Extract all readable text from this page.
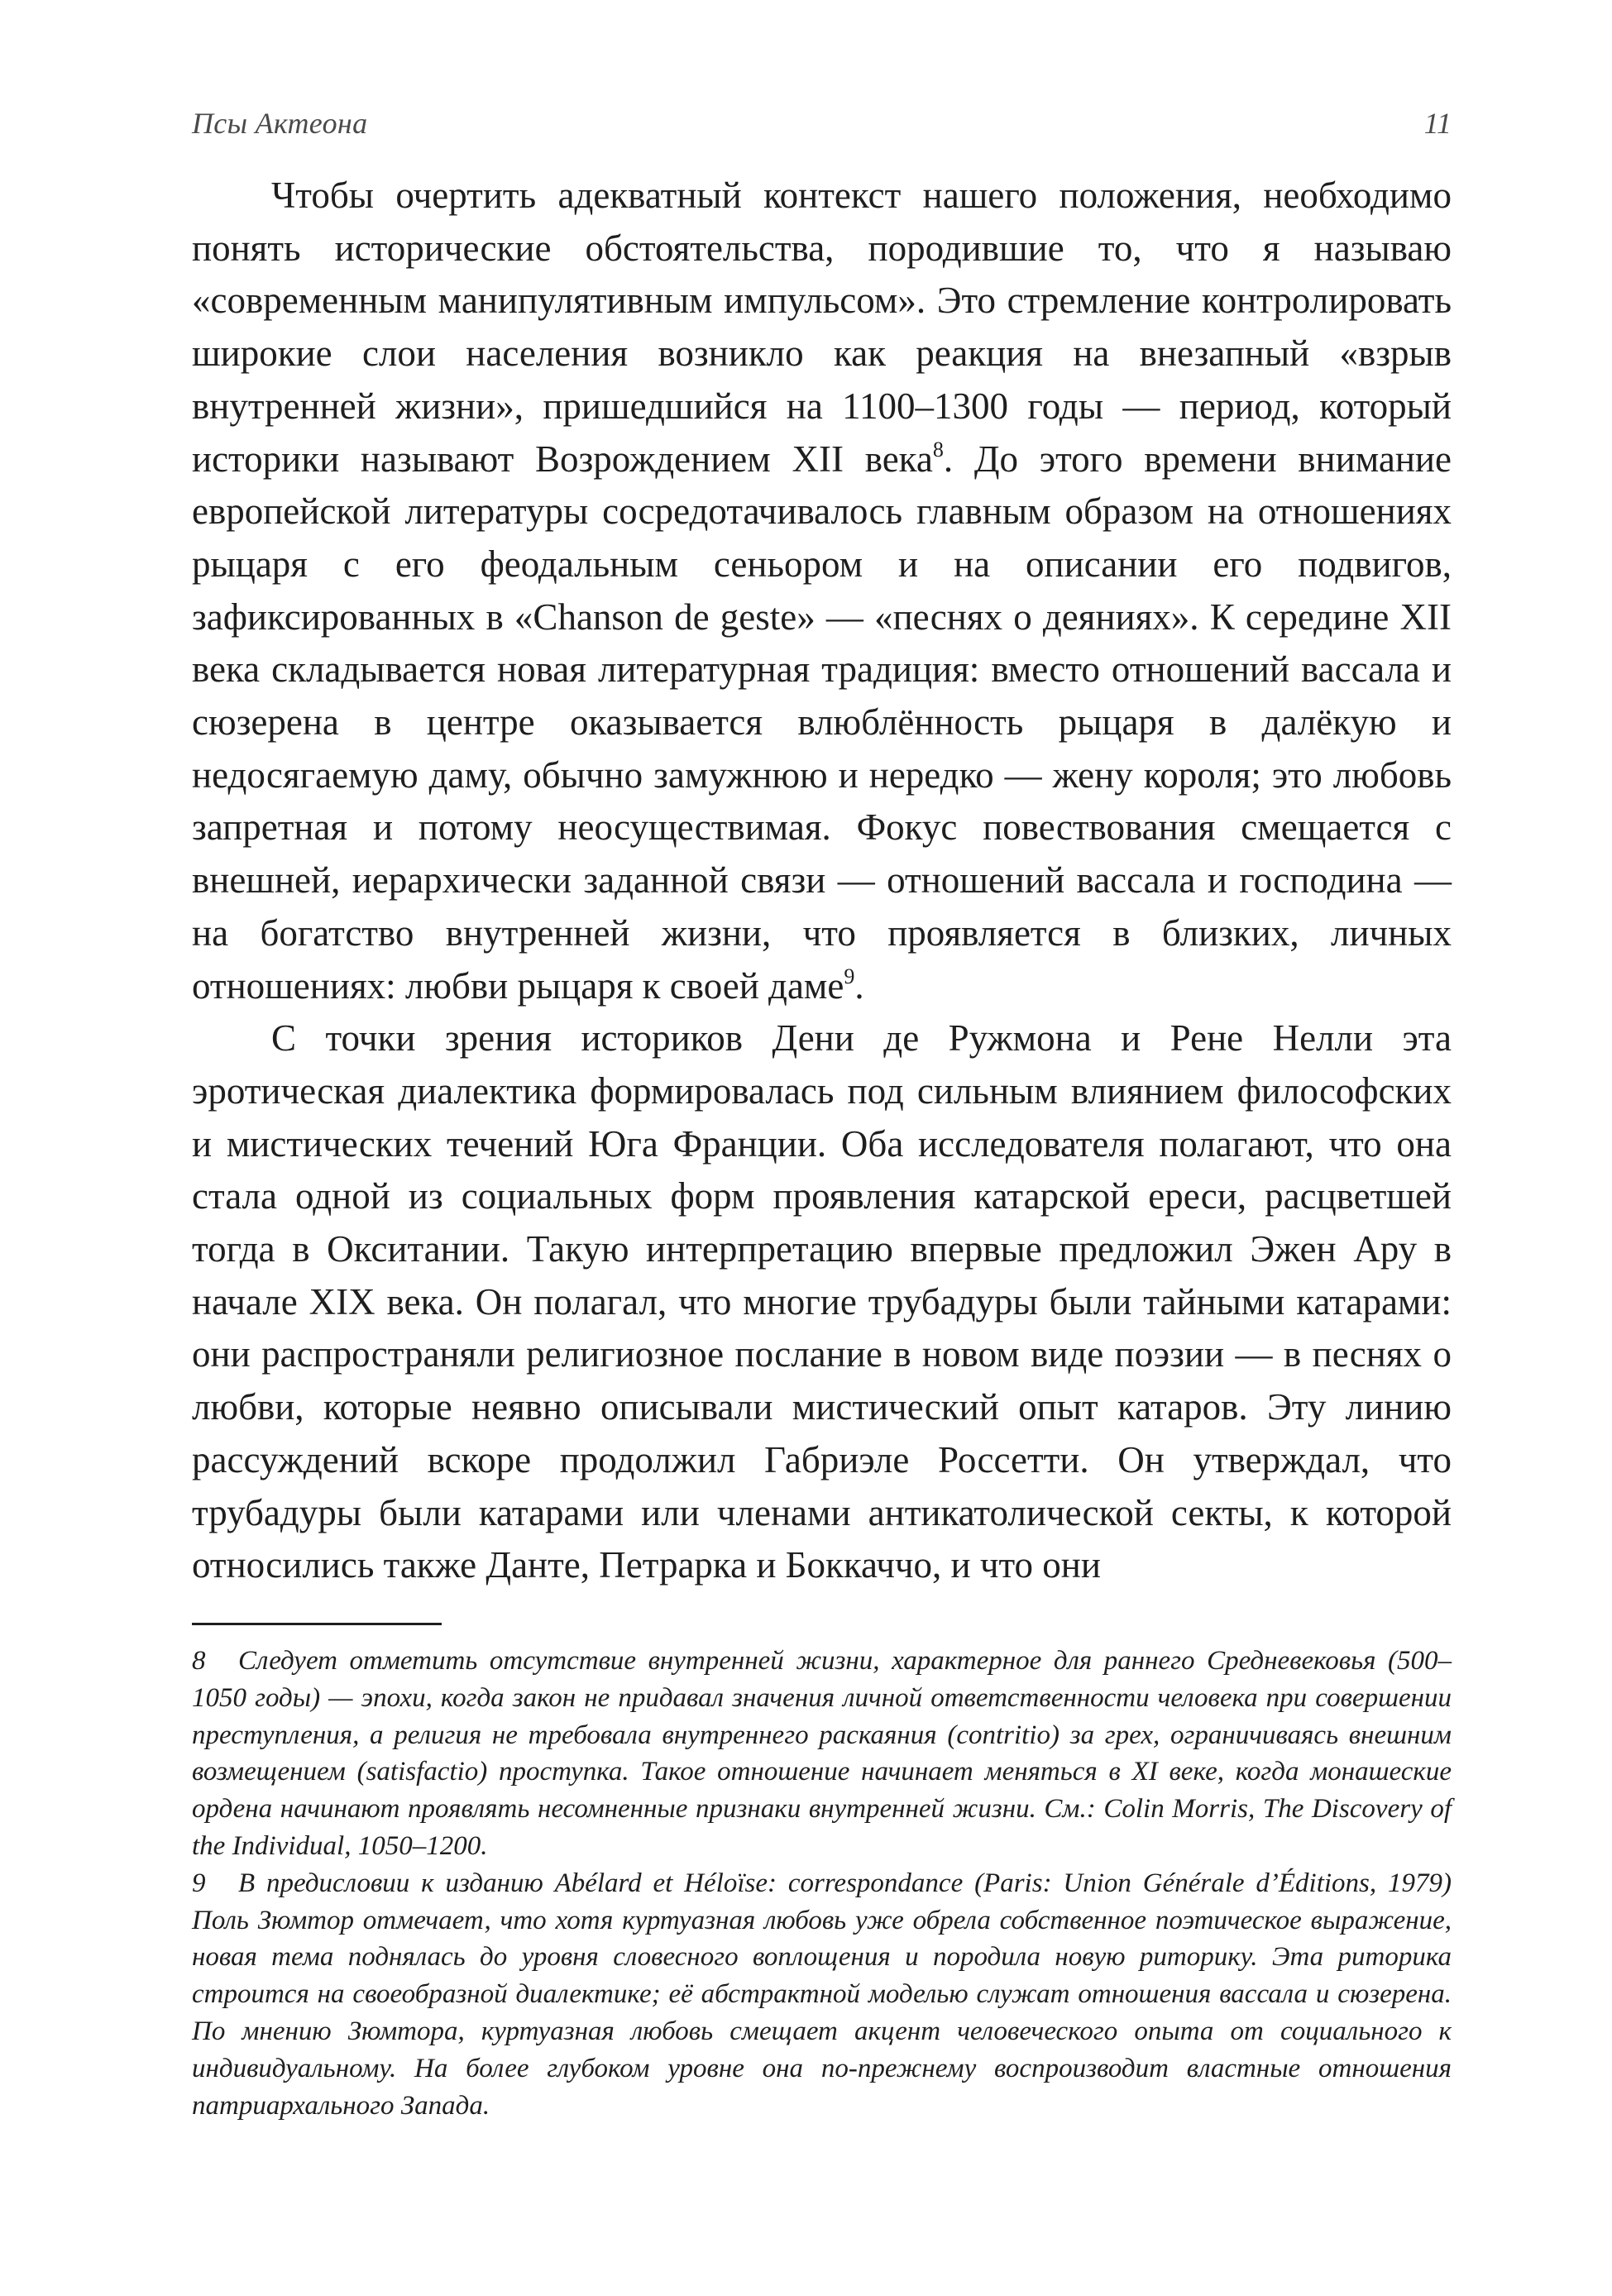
Псы Актеона	11

Чтобы очертить адекватный контекст нашего положения, необходимо понять исторические обстоятельства, породившие то, что я называю «современным манипулятивным импульсом». Это стремление контролировать широкие слои населения возникло как реакция на внезапный «взрыв внутренней жизни», пришедшийся на 1100–1300 годы — период, который историки называют Возрождением XII века$^8$. До этого времени внимание европейской литературы сосредотачивалось главным образом на отношениях рыцаря с его феодальным сеньором и на описании его подвигов, зафиксированных в «Chanson de geste» — «песнях о деяниях». К середине XII века складывается новая литературная традиция: вместо отношений вассала и сюзерена в центре оказывается влюблённость рыцаря в далёкую и недосягаемую даму, обычно замужнюю и нередко — жену короля; это любовь запретная и потому неосуществимая. Фокус повествования смещается с внешней, иерархически заданной связи — отношений вассала и господина — на богатство внутренней жизни, что проявляется в близких, личных отношениях: любви рыцаря к своей даме$^9$.

С точки зрения историков Дени де Ружмона и Рене Нелли эта эротическая диалектика формировалась под сильным влиянием философских и мистических течений Юга Франции. Оба исследователя полагают, что она стала одной из социальных форм проявления катарской ереси, расцветшей тогда в Окситании. Такую интерпретацию впервые предложил Эжен Ару в начале XIX века. Он полагал, что многие трубадуры были тайными катарами: они распространяли религиозное послание в новом виде поэзии — в песнях о любви, которые неявно описывали мистический опыт катаров. Эту линию рассуждений вскоре продолжил Габриэле Россетти. Он утверждал, что трубадуры были катарами или членами антикатолической секты, к которой относились также Данте, Петрарка и Боккаччо, и что они

8 Следует отметить отсутствие внутренней жизни, характерное для раннего Средневековья (500–1050 годы) — эпохи, когда закон не придавал значения личной ответственности человека при совершении преступления, а религия не требовала внутреннего раскаяния (contritio) за грех, ограничиваясь внешним возмещением (satisfactio) проступка. Такое отношение начинает меняться в XI веке, когда монашеские ордена начинают проявлять несомненные признаки внутренней жизни. См.: Colin Morris, The Discovery of the Individual, 1050–1200.

9 В предисловии к изданию Abélard et Héloïse: correspondance (Paris: Union Générale d’Éditions, 1979) Поль Зюмтор отмечает, что хотя куртуазная любовь уже обрела собственное поэтическое выражение, новая тема поднялась до уровня словесного воплощения и породила новую риторику. Эта риторика строится на своеобразной диалектике; её абстрактной моделью служат отношения вассала и сюзерена. По мнению Зюмтора, куртуазная любовь смещает акцент человеческого опыта от социального к индивидуальному. На более глубоком уровне она по-прежнему воспроизводит властные отношения патриархального Запада.
